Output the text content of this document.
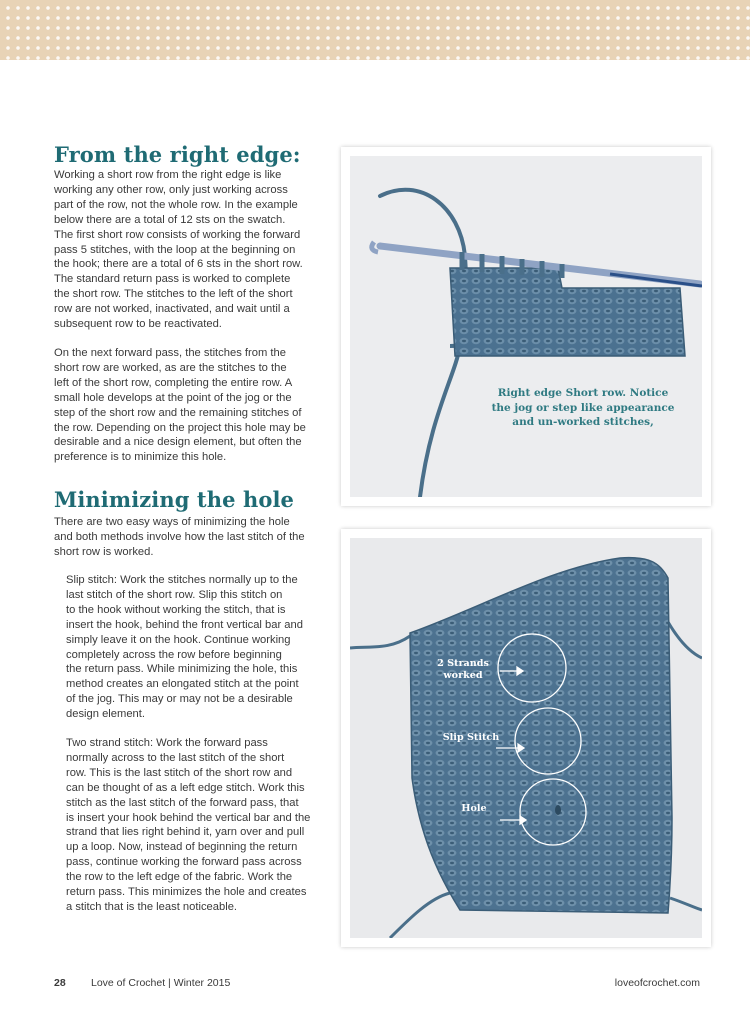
From the right edge:

Working a short row from the right edge is like
working any other row, only just working across
part of the row, not the whole row. In the example
below there are a total of 12 sts on the swatch.
The first short row consists of working the forward
pass 5 stitches, with the loop at the beginning on
the hook; there are a total of 6 sts in the short row.
The standard return pass is worked to complete
the short row. The stitches to the left of the short
row are not worked, inactivated, and wait until a
subsequent row to be reactivated.

On the next forward pass, the stitches from the
short row are worked, as are the stitches to the
left of the short row, completing the entire row. A
small hole develops at the point of the jog or the
step of the short row and the remaining stitches of
the row. Depending on the project this hole may be
desirable and a nice design element, but often the
preference is to minimize this hole.

Minimizing the hole

There are two easy ways of minimizing the hole
and both methods involve how the last stitch of the
short row is worked.

Slip stitch: Work the stitches normally up to the
last stitch of the short row. Slip this stitch on
to the hook without working the stitch, that is
insert the hook, behind the front vertical bar and
simply leave it on the hook. Continue working
completely across the row before beginning
the return pass. While minimizing the hole, this
method creates an elongated stitch at the point
of the jog. This may or may not be a desirable
design element.

Two strand stitch: Work the forward pass
normally across to the last stitch of the short
row. This is the last stitch of the short row and
can be thought of as a left edge stitch. Work this
stitch as the last stitch of the forward pass, that
is insert your hook behind the vertical bar and the
strand that lies right behind it, yarn over and pull
up a loop. Now, instead of beginning the return
pass, continue working the forward pass across
the row to the left edge of the fabric. Work the
return pass. This minimizes the hole and creates
a stitch that is the least noticeable.

Right edge Short row. Notice
the jog or step like appearance
and un-worked stitches,
2 Strands
worked
Slip Stitch
Hole
28 Love of Crochet | Winter 2015	loveofcrochet.com
